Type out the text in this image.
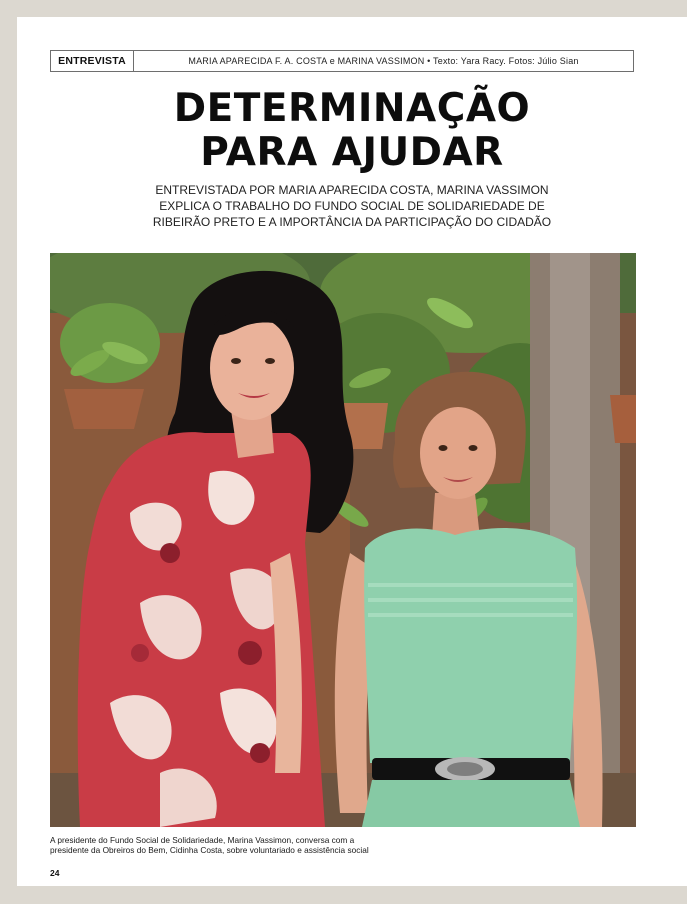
ENTREVISTA	MARIA APARECIDA F. A. COSTA e MARINA VASSIMON • Texto: Yara Racy. Fotos: Júlio Sian
DETERMINAÇÃO
PARA AJUDAR

ENTREVISTADA POR MARIA APARECIDA COSTA, MARINA VASSIMON
EXPLICA O TRABALHO DO FUNDO SOCIAL DE SOLIDARIEDADE DE
RIBEIRÃO PRETO E A IMPORTÂNCIA DA PARTICIPAÇÃO DO CIDADÃO

A presidente do Fundo Social de Solidariedade, Marina Vassimon, conversa com a
presidente da Obreiros do Bem, Cidinha Costa, sobre voluntariado e assistência social

24
